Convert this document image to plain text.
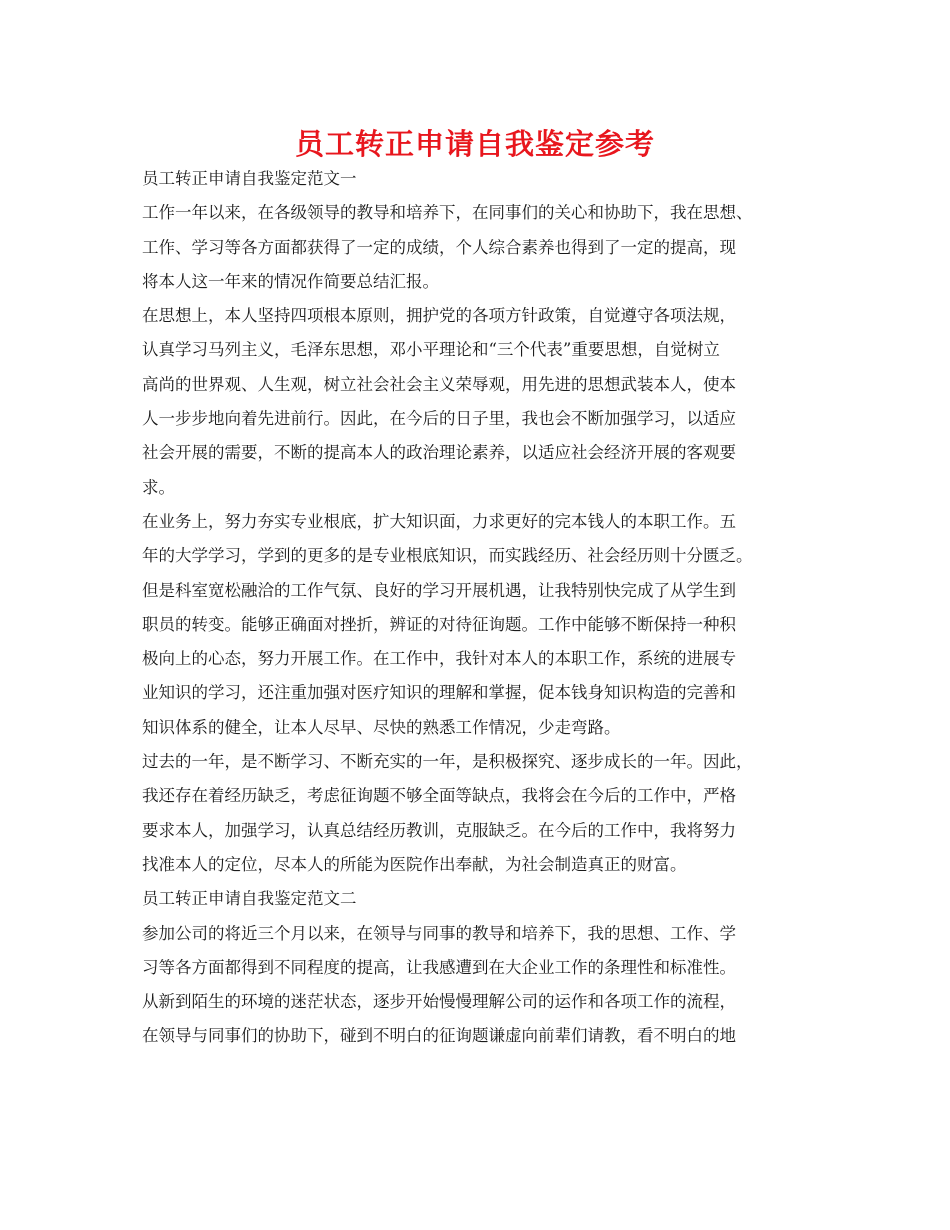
员工转正申请自我鉴定参考
员工转正申请自我鉴定范文一
工作一年以来，在各级领导的教导和培养下，在同事们的关心和协助下，我在思想、
工作、学习等各方面都获得了一定的成绩，个人综合素养也得到了一定的提高，现
将本人这一年来的情况作简要总结汇报。
在思想上，本人坚持四项根本原则，拥护党的各项方针政策，自觉遵守各项法规，
认真学习马列主义，毛泽东思想，邓小平理论和“三个代表”重要思想，自觉树立
高尚的世界观、人生观，树立社会社会主义荣辱观，用先进的思想武装本人，使本
人一步步地向着先进前行。因此，在今后的日子里，我也会不断加强学习，以适应
社会开展的需要，不断的提高本人的政治理论素养，以适应社会经济开展的客观要
求。
在业务上，努力夯实专业根底，扩大知识面，力求更好的完本钱人的本职工作。五
年的大学学习，学到的更多的是专业根底知识，而实践经历、社会经历则十分匮乏。
但是科室宽松融洽的工作气氛、良好的学习开展机遇，让我特别快完成了从学生到
职员的转变。能够正确面对挫折，辨证的对待征询题。工作中能够不断保持一种积
极向上的心态，努力开展工作。在工作中，我针对本人的本职工作，系统的进展专
业知识的学习，还注重加强对医疗知识的理解和掌握，促本钱身知识构造的完善和
知识体系的健全，让本人尽早、尽快的熟悉工作情况，少走弯路。
过去的一年，是不断学习、不断充实的一年，是积极探究、逐步成长的一年。因此，
我还存在着经历缺乏，考虑征询题不够全面等缺点，我将会在今后的工作中，严格
要求本人，加强学习，认真总结经历教训，克服缺乏。在今后的工作中，我将努力
找准本人的定位，尽本人的所能为医院作出奉献，为社会制造真正的财富。
员工转正申请自我鉴定范文二
参加公司的将近三个月以来，在领导与同事的教导和培养下，我的思想、工作、学
习等各方面都得到不同程度的提高，让我感遭到在大企业工作的条理性和标准性。
从新到陌生的环境的迷茫状态，逐步开始慢慢理解公司的运作和各项工作的流程，
在领导与同事们的协助下，碰到不明白的征询题谦虚向前辈们请教，看不明白的地
